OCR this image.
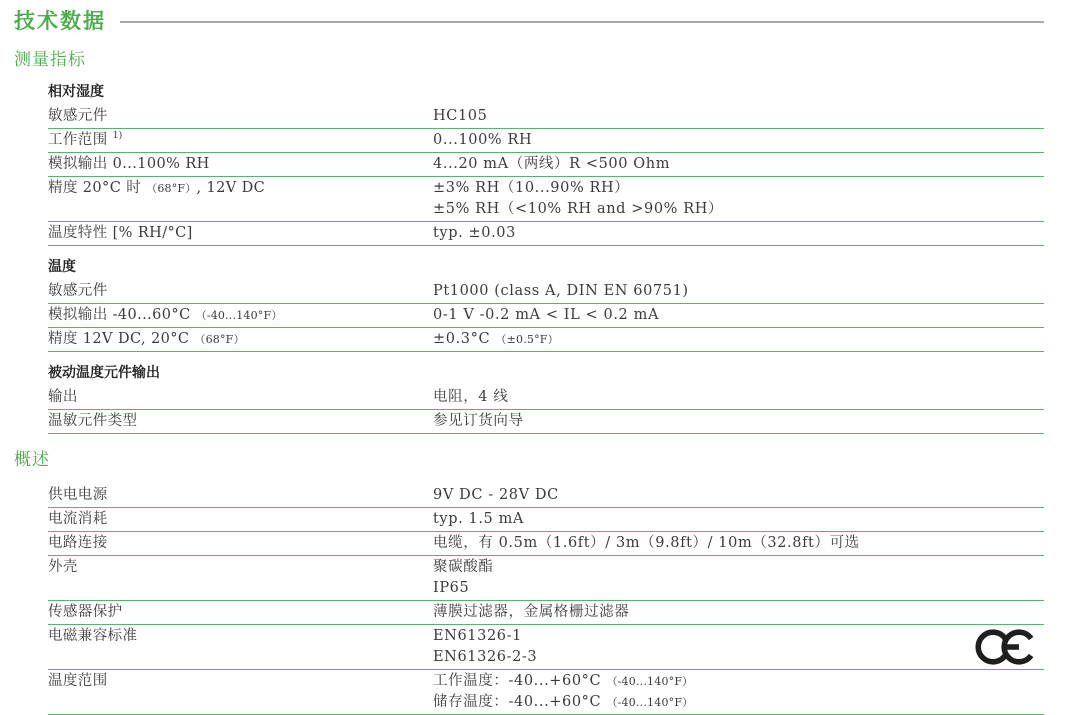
技术数据
测量指标
相对湿度
敏感元件	HC105
工作范围 $^{1)}$	0...100% RH
模拟输出 0...100% RH	4...20 mA（两线）R <500 Ohm
精度 20°C 时 （68°F）, 12V DC	±3% RH（10...90% RH）
±5% RH（<10% RH and >90% RH）
温度特性 [% RH/°C]	typ. ±0.03
温度
敏感元件	Pt1000 (class A, DIN EN 60751)
模拟输出 -40...60°C （-40...140°F）	0-1 V -0.2 mA < IL < 0.2 mA
精度 12V DC, 20°C （68°F）	±0.3°C （±0.5°F）
被动温度元件输出
输出	电阻，4 线
温敏元件类型	参见订货向导
概述
供电电源	9V DC - 28V DC
电流消耗	typ. 1.5 mA
电路连接	电缆，有 0.5m（1.6ft）/ 3m（9.8ft）/ 10m（32.8ft）可选
外壳	聚碳酸酯
IP65
传感器保护	薄膜过滤器，金属格栅过滤器
电磁兼容标准	EN61326-1
EN61326-2-3
温度范围	工作温度：-40...+60°C （-40...140°F）
储存温度：-40...+60°C （-40...140°F）
